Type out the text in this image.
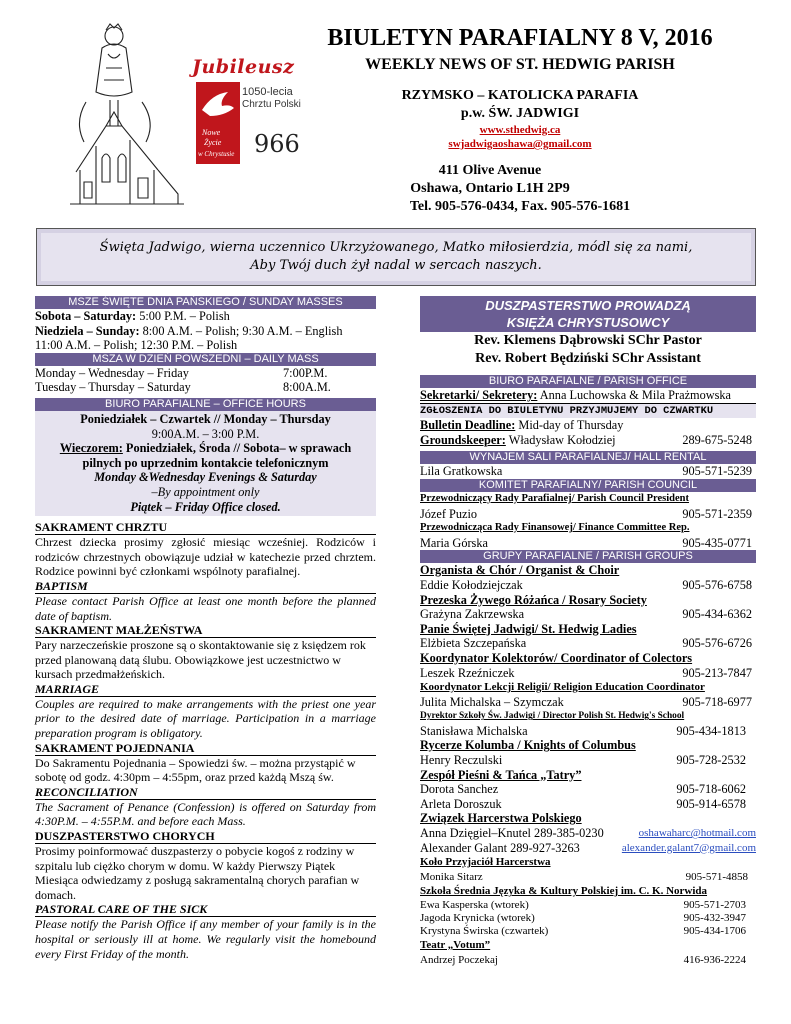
Jubileusz
1050-lecia
Chrztu Polski
Nowe
Życie
w Chrystusie 966
BIULETYN PARAFIALNY 8 V, 2016
WEEKLY NEWS OF ST. HEDWIG PARISH
RZYMSKO – KATOLICKA PARAFIA
p.w. ŚW. JADWIGI
www.sthedwig.ca
swjadwigaoshawa@gmail.com
411 Olive Avenue
Oshawa, Ontario L1H 2P9
Tel. 905-576-0434, Fax. 905-576-1681
Święta Jadwigo, wierna uczennico Ukrzyżowanego, Matko miłosierdzia, módl się za nami,
Aby Twój duch żył nadal w sercach naszych.
MSZE ŚWIĘTE DNIA PAŃSKIEGO / SUNDAY MASSES
Sobota – Saturday: 5:00 P.M. – Polish
Niedziela – Sunday: 8:00 A.M. – Polish; 9:30 A.M. – English
11:00 A.M. – Polish; 12:30 P.M. – Polish
MSZA W DZIEŃ POWSZEDNI – DAILY MASS
Monday – Wednesday – Friday	7:00P.M.
Tuesday – Thursday – Saturday	8:00A.M.
BIURO PARAFIALNE – OFFICE HOURS
Poniedziałek – Czwartek // Monday – Thursday
9:00A.M. – 3:00 P.M.
Wieczorem: Poniedziałek, Środa // Sobota– w sprawach
pilnych po uprzednim kontakcie telefonicznym
Monday &Wednesday Evenings & Saturday
–By appointment only
Piątek – Friday Office closed.
SAKRAMENT CHRZTU
Chrzest dziecka prosimy zgłosić miesiąc wcześniej. Rodziców i rodziców chrzestnych obowiązuje udział w katechezie przed chrztem. Rodzice powinni być członkami wspólnoty parafialnej.
BAPTISM
Please contact Parish Office at least one month before the planned date of baptism.
SAKRAMENT MAŁŻEŃSTWA
Pary narzeczeńskie proszone są o skontaktowanie się z księdzem rok przed planowaną datą ślubu. Obowiązkowe jest uczestnictwo w kursach przedmałżeńskich.
MARRIAGE
Couples are required to make arrangements with the priest one year prior to the desired date of marriage. Participation in a marriage preparation program is obligatory.
SAKRAMENT POJEDNANIA
Do Sakramentu Pojednania – Spowiedzi św. – można przystąpić w sobotę od godz. 4:30pm – 4:55pm, oraz przed każdą Mszą św.
RECONCILIATION
The Sacrament of Penance (Confession) is offered on Saturday from 4:30P.M. – 4:55P.M. and before each Mass.
DUSZPASTERSTWO CHORYCH
Prosimy poinformować duszpasterzy o pobycie kogoś z rodziny w szpitalu lub ciężko chorym w domu. W każdy Pierwszy Piątek Miesiąca odwiedzamy z posługą sakramentalną chorych parafian w domach.
PASTORAL CARE OF THE SICK
Please notify the Parish Office if any member of your family is in the hospital or seriously ill at home. We regularly visit the homebound every First Friday of the month.
DUSZPASTERSTWO PROWADZĄ
KSIĘŻA CHRYSTUSOWCY
Rev. Klemens Dąbrowski SChr Pastor
Rev. Robert Będziński SChr Assistant
BIURO PARAFIALNE / PARISH OFFICE
Sekretarki/ Sekretery: Anna Luchowska & Mila Prażmowska
ZGŁOSZENIA DO BIULETYNU PRZYJMUJEMY DO CZWARTKU
Bulletin Deadline: Mid-day of Thursday
Groundskeeper: Władysław Kołodziej	289-675-5248
WYNAJEM SALI PARAFIALNEJ/ HALL RENTAL
Lila Gratkowska	905-571-5239
KOMITET PARAFIALNY/ PARISH COUNCIL
Przewodniczący Rady Parafialnej/ Parish Council President
Józef Puzio	905-571-2359
Przewodnicząca Rady Finansowej/ Finance Committee Rep.
Maria Górska	905-435-0771
GRUPY PARAFIALNE / PARISH GROUPS
Organista & Chór / Organist & Choir
Eddie Kołodziejczak	905-576-6758
Prezeska Żywego Różańca / Rosary Society
Grażyna Zakrzewska	905-434-6362
Panie Świętej Jadwigi/ St. Hedwig Ladies
Elżbieta Szczepańska	905-576-6726
Koordynator Kolektorów/ Coordinator of Colectors
Leszek Rzeźniczek	905-213-7847
Koordynator Lekcji Religii/ Religion Education Coordinator
Julita Michalska – Szymczak	905-718-6977
Dyrektor Szkoły Św. Jadwigi / Director Polish St. Hedwig's School
Stanisława Michalska	905-434-1813
Rycerze Kolumba / Knights of Columbus
Henry Reczulski	905-728-2532
Zespół Pieśni & Tańca „Tatry”
Dorota Sanchez	905-718-6062
Arleta Doroszuk	905-914-6578
Związek Harcerstwa Polskiego
Anna Dzięgiel–Knutel 289-385-0230	oshawaharc@hotmail.com
Alexander Galant 289-927-3263	alexander.galant7@gmail.com
Koło Przyjaciół Harcerstwa
Monika Sitarz	905-571-4858
Szkoła Średnia Języka & Kultury Polskiej im. C. K. Norwida
Ewa Kasperska (wtorek)	905-571-2703
Jagoda Krynicka (wtorek)	905-432-3947
Krystyna Świrska (czwartek)	905-434-1706
Teatr „Votum”
Andrzej Poczekaj	416-936-2224
